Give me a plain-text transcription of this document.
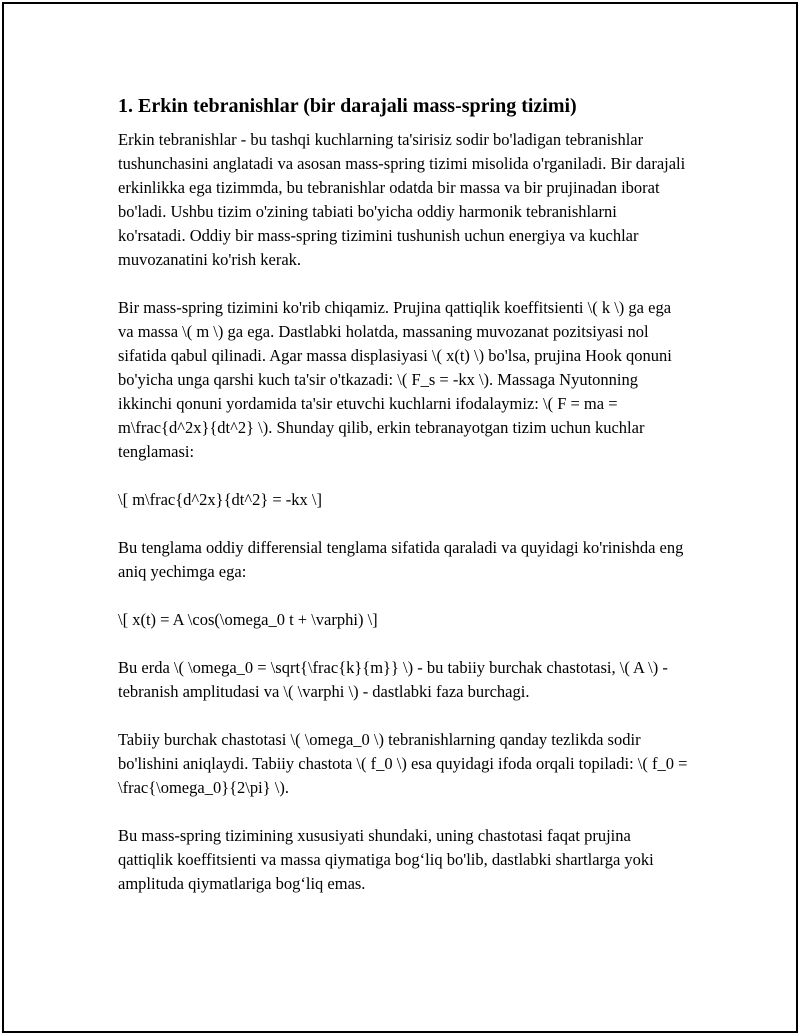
1. Erkin tebranishlar (bir darajali mass-spring tizimi)

Erkin tebranishlar - bu tashqi kuchlarning ta'sirisiz sodir bo'ladigan tebranishlar tushunchasini anglatadi va asosan mass-spring tizimi misolida o'rganiladi. Bir darajali erkinlikka ega tizimmda, bu tebranishlar odatda bir massa va bir prujinadan iborat bo'ladi. Ushbu tizim o'zining tabiati bo'yicha oddiy harmonik tebranishlarni ko'rsatadi. Oddiy bir mass-spring tizimini tushunish uchun energiya va kuchlar muvozanatini ko'rish kerak.

Bir mass-spring tizimini ko'rib chiqamiz. Prujina qattiqlik koeffitsienti \( k \) ga ega va massa \( m \) ga ega. Dastlabki holatda, massaning muvozanat pozitsiyasi nol sifatida qabul qilinadi. Agar massa displasiyasi \( x(t) \) bo'lsa, prujina Hook qonuni bo'yicha unga qarshi kuch ta'sir o'tkazadi: \( F_s = -kx \). Massaga Nyutonning ikkinchi qonuni yordamida ta'sir etuvchi kuchlarni ifodalaymiz: \( F = ma = m\frac{d^2x}{dt^2} \). Shunday qilib, erkin tebranayotgan tizim uchun kuchlar tenglamasi:

\[ m\frac{d^2x}{dt^2} = -kx \]

Bu tenglama oddiy differensial tenglama sifatida qaraladi va quyidagi ko'rinishda eng aniq yechimga ega:

\[ x(t) = A \cos(\omega_0 t + \varphi) \]

Bu erda \( \omega_0 = \sqrt{\frac{k}{m}} \) - bu tabiiy burchak chastotasi, \( A \) - tebranish amplitudasi va \( \varphi \) - dastlabki faza burchagi.

Tabiiy burchak chastotasi \( \omega_0 \) tebranishlarning qanday tezlikda sodir bo'lishini aniqlaydi. Tabiiy chastota \( f_0 \) esa quyidagi ifoda orqali topiladi: \( f_0 = \frac{\omega_0}{2\pi} \).

Bu mass-spring tizimining xususiyati shundaki, uning chastotasi faqat prujina qattiqlik koeffitsienti va massa qiymatiga bog‘liq bo'lib, dastlabki shartlarga yoki amplituda qiymatlariga bog‘liq emas.
